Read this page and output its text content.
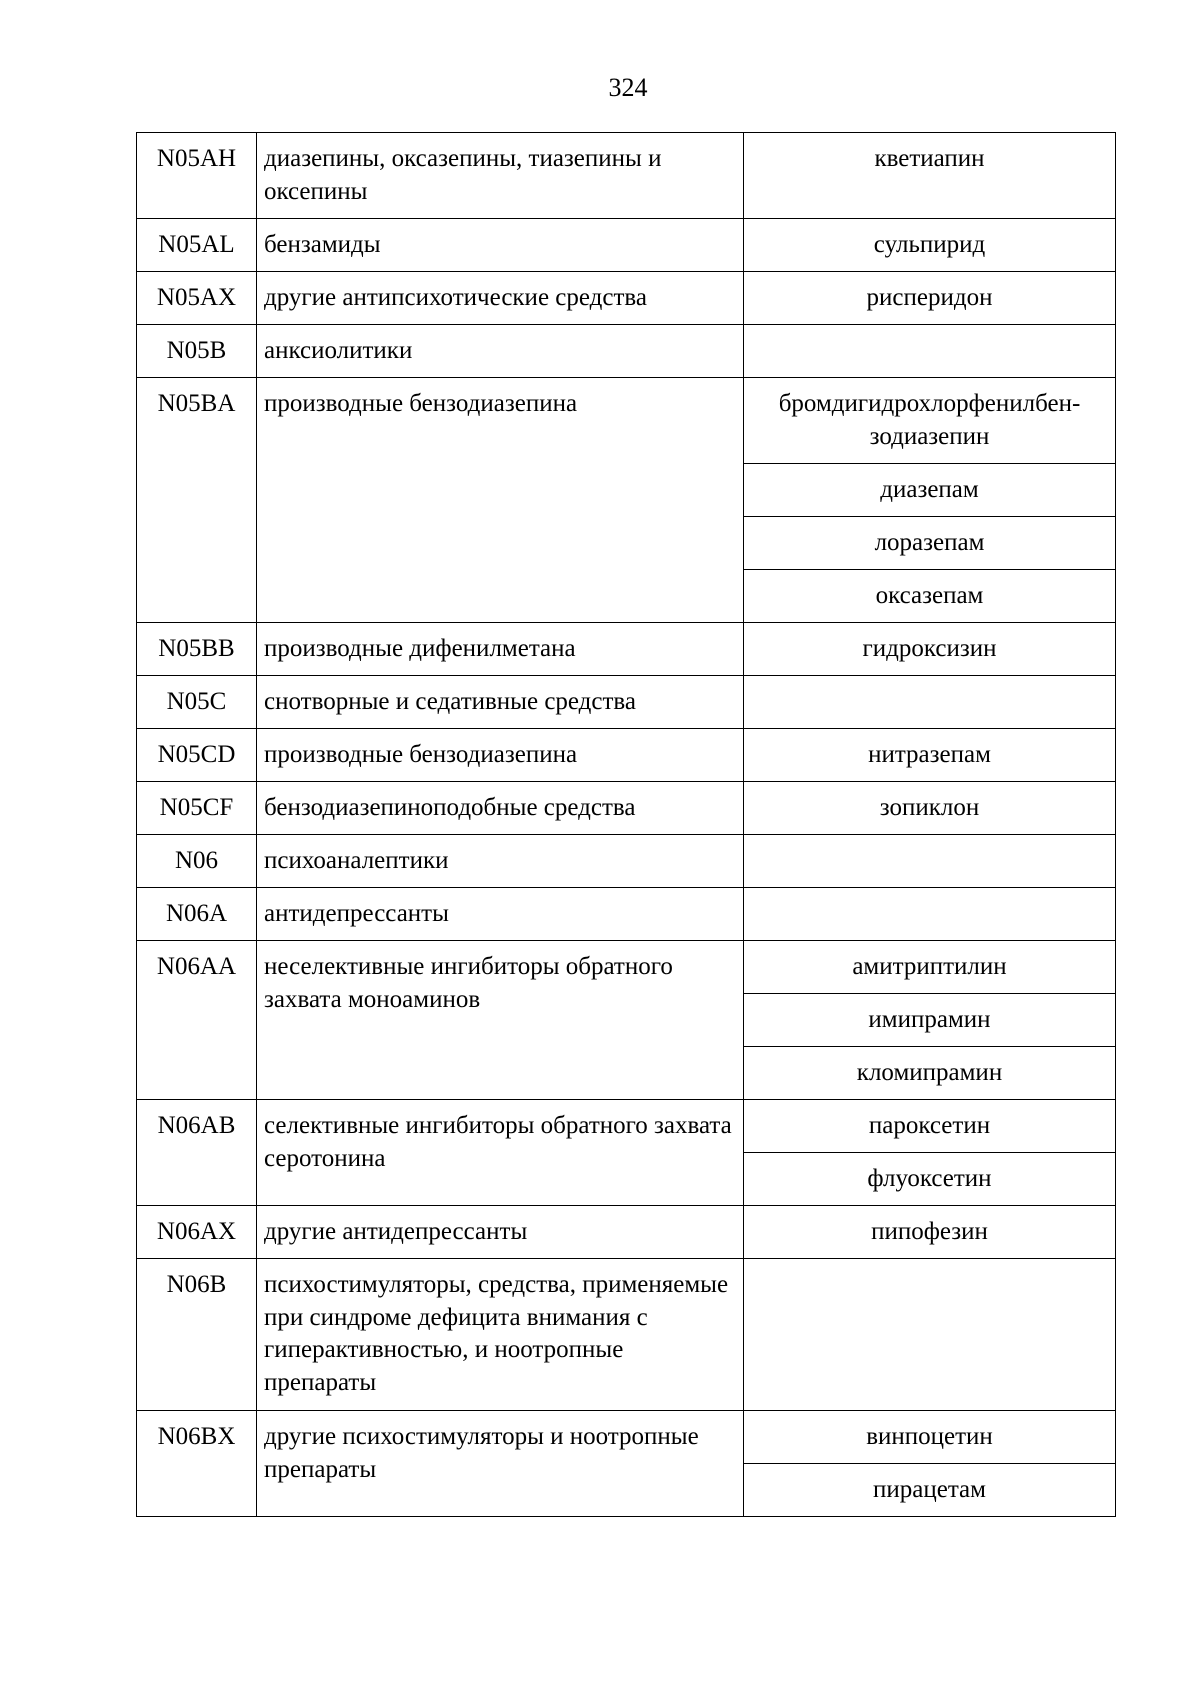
324
N05AH	диазепины, оксазепины, тиазепины и оксепины	кветиапин
N05AL	бензамиды	сульпирид
N05AX	другие антипсихотические средства	рисперидон
N05B	анксиолитики	
N05BA	производные бензодиазепина	бромдигидрохлорфенилбен-зодиазепин
		диазепам
		лоразепам
		оксазепам
N05BB	производные дифенилметана	гидроксизин
N05C	снотворные и седативные средства	
N05CD	производные бензодиазепина	нитразепам
N05CF	бензодиазепиноподобные средства	зопиклон
N06	психоаналептики	
N06A	антидепрессанты	
N06AA	неселективные ингибиторы обратного захвата моноаминов	амитриптилин
		имипрамин
		кломипрамин
N06AB	селективные ингибиторы обратного захвата серотонина	пароксетин
		флуоксетин
N06AX	другие антидепрессанты	пипофезин
N06B	психостимуляторы, средства, применяемые при синдроме дефицита внимания с гиперактивностью, и ноотропные препараты	
N06BX	другие психостимуляторы и ноотропные препараты	винпоцетин
		пирацетам
